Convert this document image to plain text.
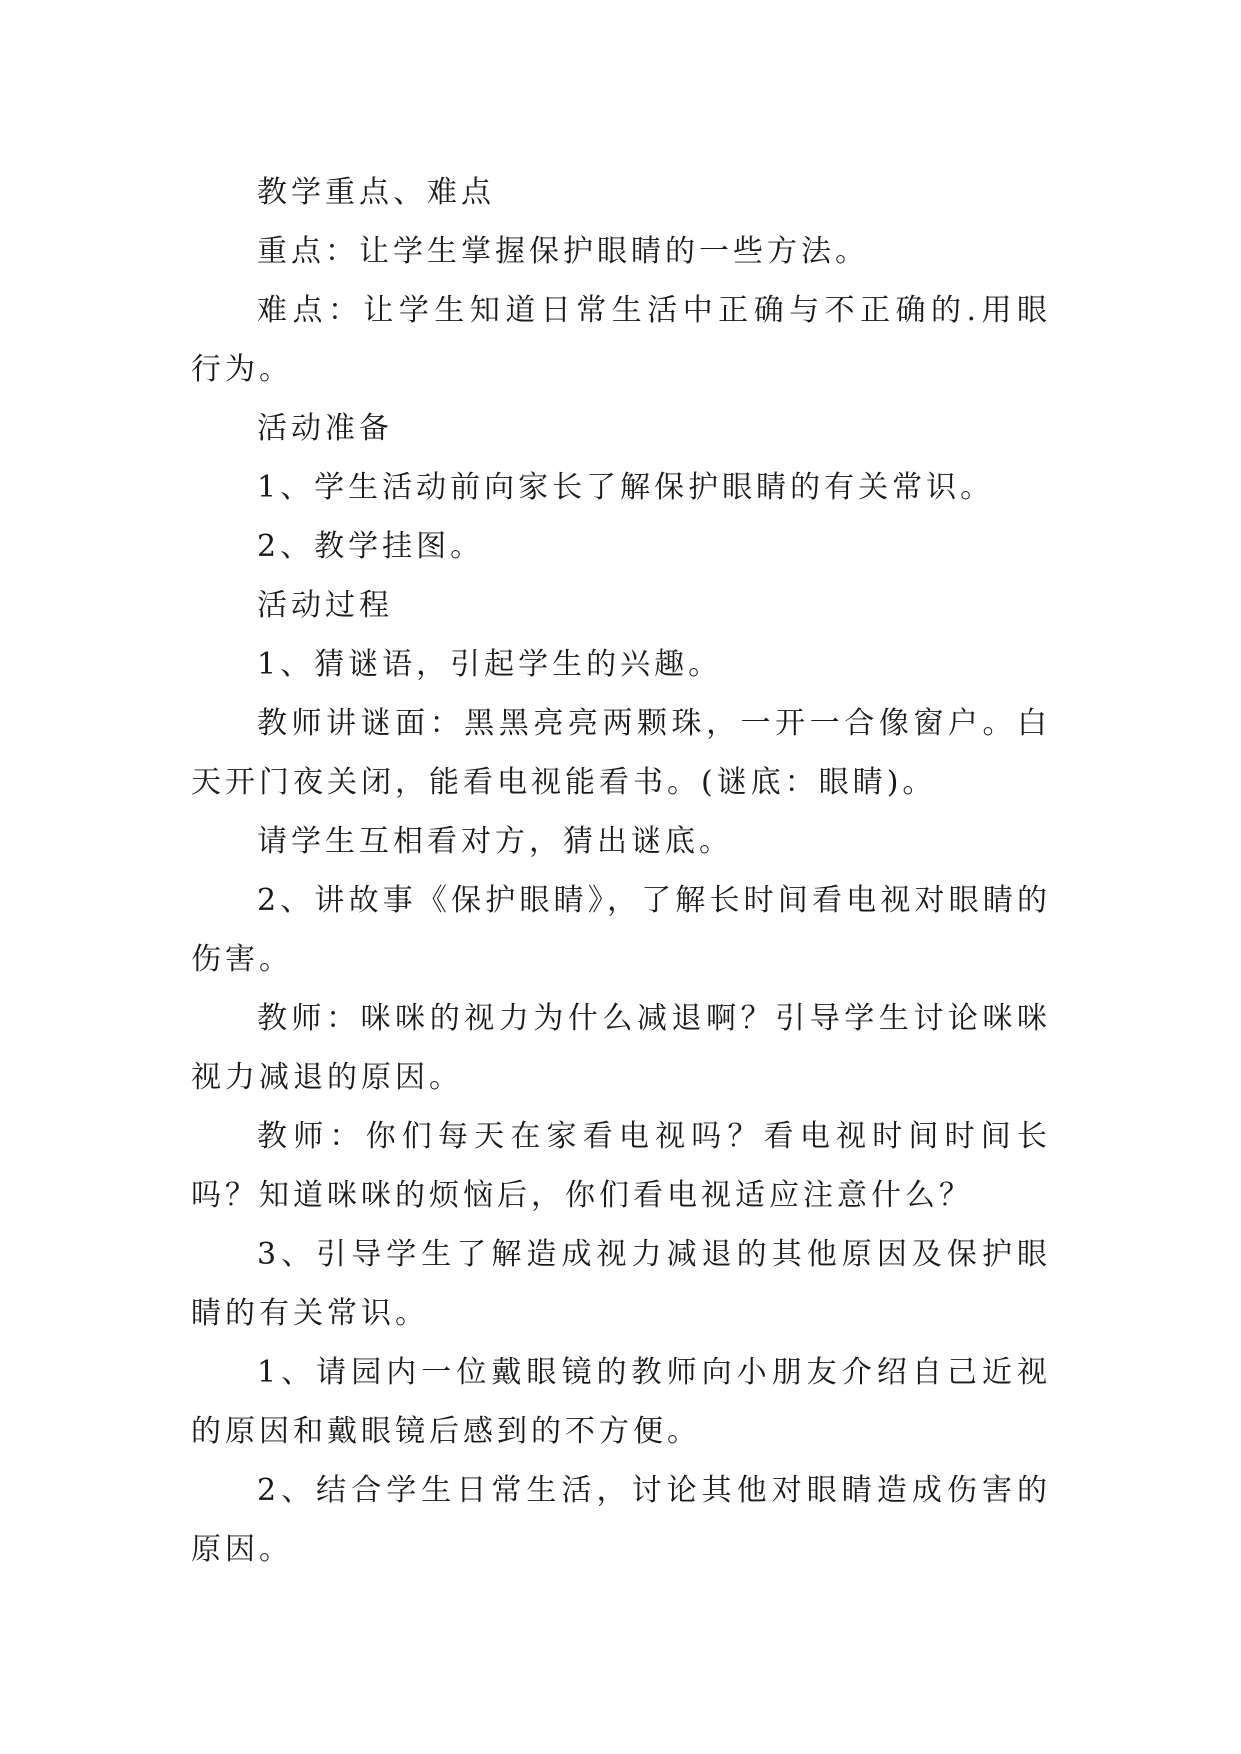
教学重点、难点

重点：让学生掌握保护眼睛的一些方法。

难点：让学生知道日常生活中正确与不正确的.用眼行为。

活动准备

1、学生活动前向家长了解保护眼睛的有关常识。

2、教学挂图。

活动过程

1、猜谜语，引起学生的兴趣。

教师讲谜面：黑黑亮亮两颗珠，一开一合像窗户。白天开门夜关闭，能看电视能看书。(谜底：眼睛)。

请学生互相看对方，猜出谜底。

2、讲故事《保护眼睛》，了解长时间看电视对眼睛的伤害。

教师：咪咪的视力为什么减退啊？引导学生讨论咪咪视力减退的原因。

教师：你们每天在家看电视吗？看电视时间时间长吗？知道咪咪的烦恼后，你们看电视适应注意什么？

3、引导学生了解造成视力减退的其他原因及保护眼睛的有关常识。

1、请园内一位戴眼镜的教师向小朋友介绍自己近视的原因和戴眼镜后感到的不方便。

2、结合学生日常生活，讨论其他对眼睛造成伤害的原因。
